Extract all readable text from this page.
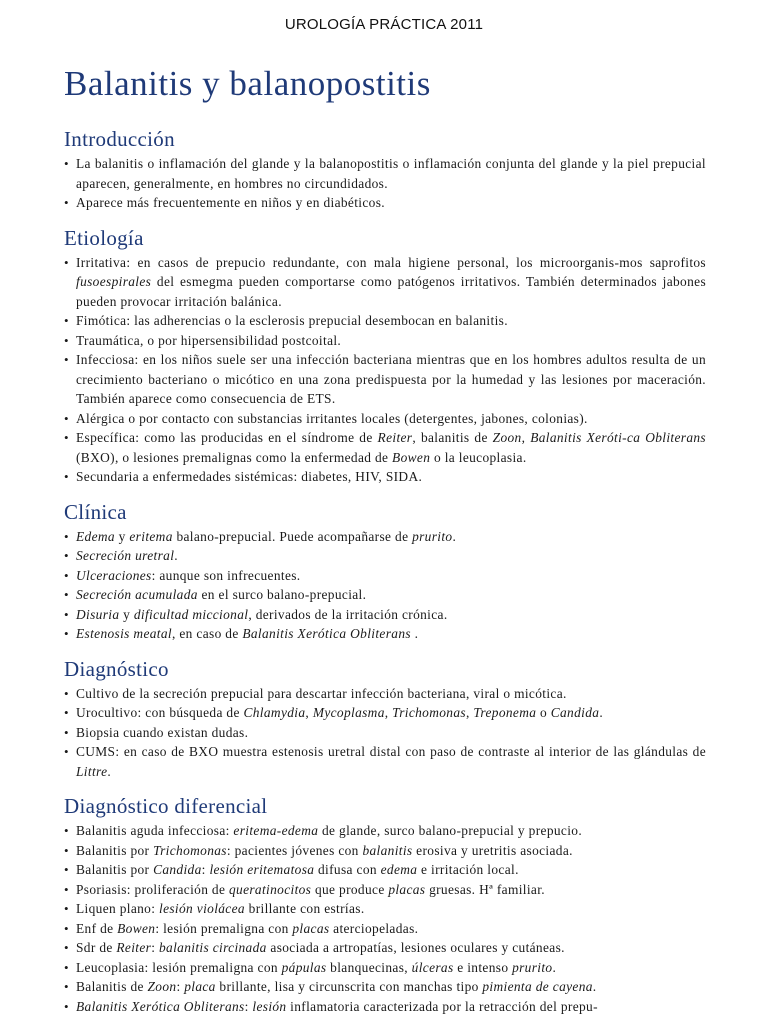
UROLOGÍA PRÁCTICA 2011
Balanitis y balanopostitis
Introducción
• La balanitis o inflamación del glande y la balanopostitis o inflamación conjunta del glande y la piel prepucial aparecen, generalmente, en hombres no circundidados.
• Aparece más frecuentemente en niños y en diabéticos.
Etiología
• Irritativa: en casos de prepucio redundante, con mala higiene personal, los microorganis-mos saprofitos fusoespirales del esmegma pueden comportarse como patógenos irritativos. También determinados jabones pueden provocar irritación balánica.
• Fimótica: las adherencias o la esclerosis prepucial desembocan en balanitis.
• Traumática, o por hipersensibilidad postcoital.
• Infecciosa: en los niños suele ser una infección bacteriana mientras que en los hombres adultos resulta de un crecimiento bacteriano o micótico en una zona predispuesta por la humedad y las lesiones por maceración. También aparece como consecuencia de ETS.
• Alérgica o por contacto con substancias irritantes locales (detergentes, jabones, colonias).
• Específica: como las producidas en el síndrome de Reiter, balanitis de Zoon, Balanitis Xeróti-ca Obliterans (BXO), o lesiones premalignas como la enfermedad de Bowen o la leucoplasia.
• Secundaria a enfermedades sistémicas: diabetes, HIV, SIDA.
Clínica
• Edema y eritema balano-prepucial. Puede acompañarse de prurito.
• Secreción uretral.
• Ulceraciones: aunque son infrecuentes.
• Secreción acumulada en el surco balano-prepucial.
• Disuria y dificultad miccional, derivados de la irritación crónica.
• Estenosis meatal, en caso de Balanitis Xerótica Obliterans .
Diagnóstico
• Cultivo de la secreción prepucial para descartar infección bacteriana, viral o micótica.
• Urocultivo: con búsqueda de Chlamydia, Mycoplasma, Trichomonas, Treponema o Candida.
• Biopsia cuando existan dudas.
• CUMS: en caso de BXO muestra estenosis uretral distal con paso de contraste al interior de las glándulas de Littre.
Diagnóstico diferencial
• Balanitis aguda infecciosa: eritema-edema de glande, surco balano-prepucial y prepucio.
• Balanitis por Trichomonas: pacientes jóvenes con balanitis erosiva y uretritis asociada.
• Balanitis por Candida: lesión eritematosa difusa con edema e irritación local.
• Psoriasis: proliferación de queratinocitos que produce placas gruesas. Hª familiar.
• Liquen plano: lesión violácea brillante con estrías.
• Enf de Bowen: lesión premaligna con placas aterciopeladas.
• Sdr de Reiter: balanitis circinada asociada a artropatías, lesiones oculares y cutáneas.
• Leucoplasia: lesión premaligna con pápulas blanquecinas, úlceras e intenso prurito.
• Balanitis de Zoon: placa brillante, lisa y circunscrita con manchas tipo pimienta de cayena.
• Balanitis Xerótica Obliterans: lesión inflamatoria caracterizada por la retracción del prepu-
